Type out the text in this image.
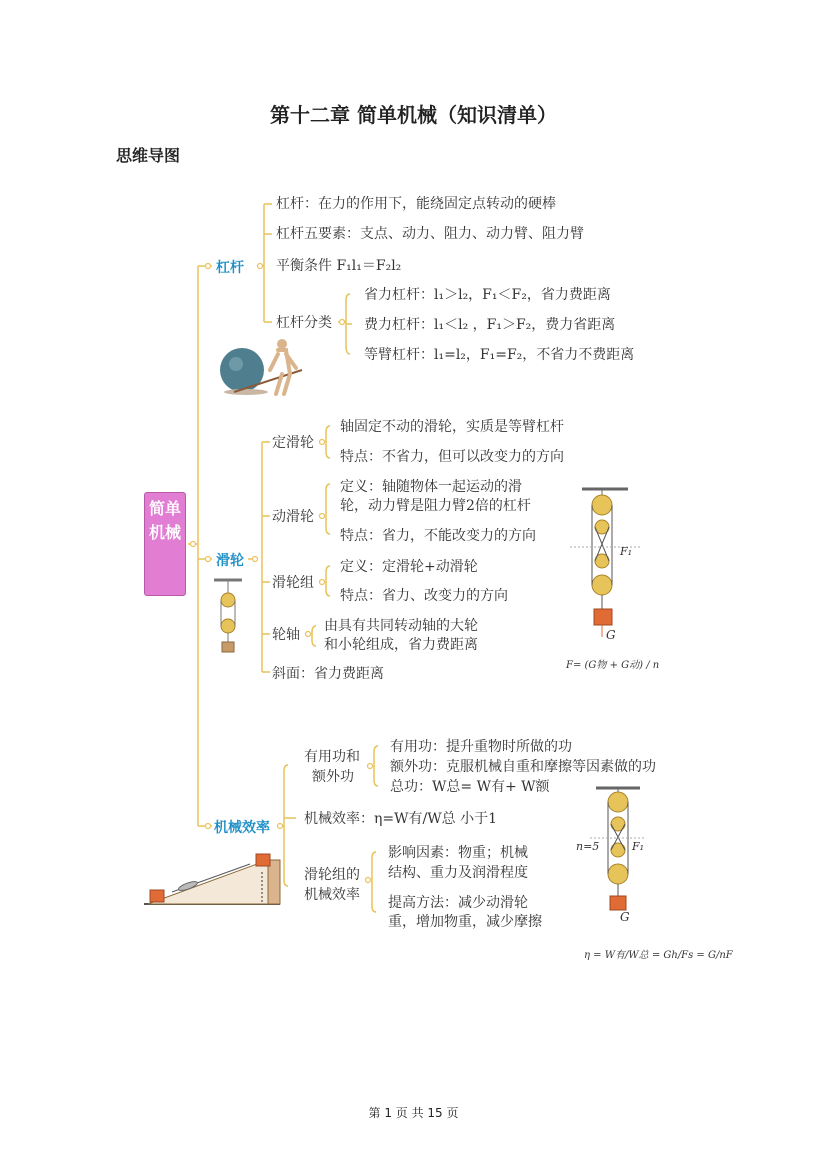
第十二章 简单机械（知识清单）
思维导图
简单机械
杠杆
杠杆：在力的作用下，能绕固定点转动的硬棒
杠杆五要素：支点、动力、阻力、动力臂、阻力臂
平衡条件 F₁l₁＝F₂l₂
杠杆分类
省力杠杆：l₁＞l₂，F₁＜F₂，省力费距离
费力杠杆：l₁＜l₂ ，F₁＞F₂，费力省距离
等臂杠杆：l₁=l₂，F₁=F₂，不省力不费距离
滑轮
定滑轮
轴固定不动的滑轮，实质是等臂杠杆
特点：不省力，但可以改变力的方向
动滑轮
定义：轴随物体一起运动的滑
轮，动力臂是阻力臂2倍的杠杆
特点：省力，不能改变力的方向
滑轮组
定义：定滑轮+动滑轮
特点：省力、改变力的方向
轮轴
由具有共同转动轴的大轮
和小轮组成，省力费距离
斜面：省力费距离
F₁
G
F= (G物 + G动) / n
机械效率
有用功和
额外功
有用功：提升重物时所做的功
额外功：克服机械自重和摩擦等因素做的功
总功：W总= W有+ W额
机械效率：η=W有/W总 小于1
滑轮组的
机械效率
影响因素：物重；机械
结构、重力及润滑程度
提高方法：减少动滑轮
重，增加物重，减少摩擦
n=5	F₁
G
η = W有/W总 = Gh/Fs = G/nF
第 1 页 共 15 页
